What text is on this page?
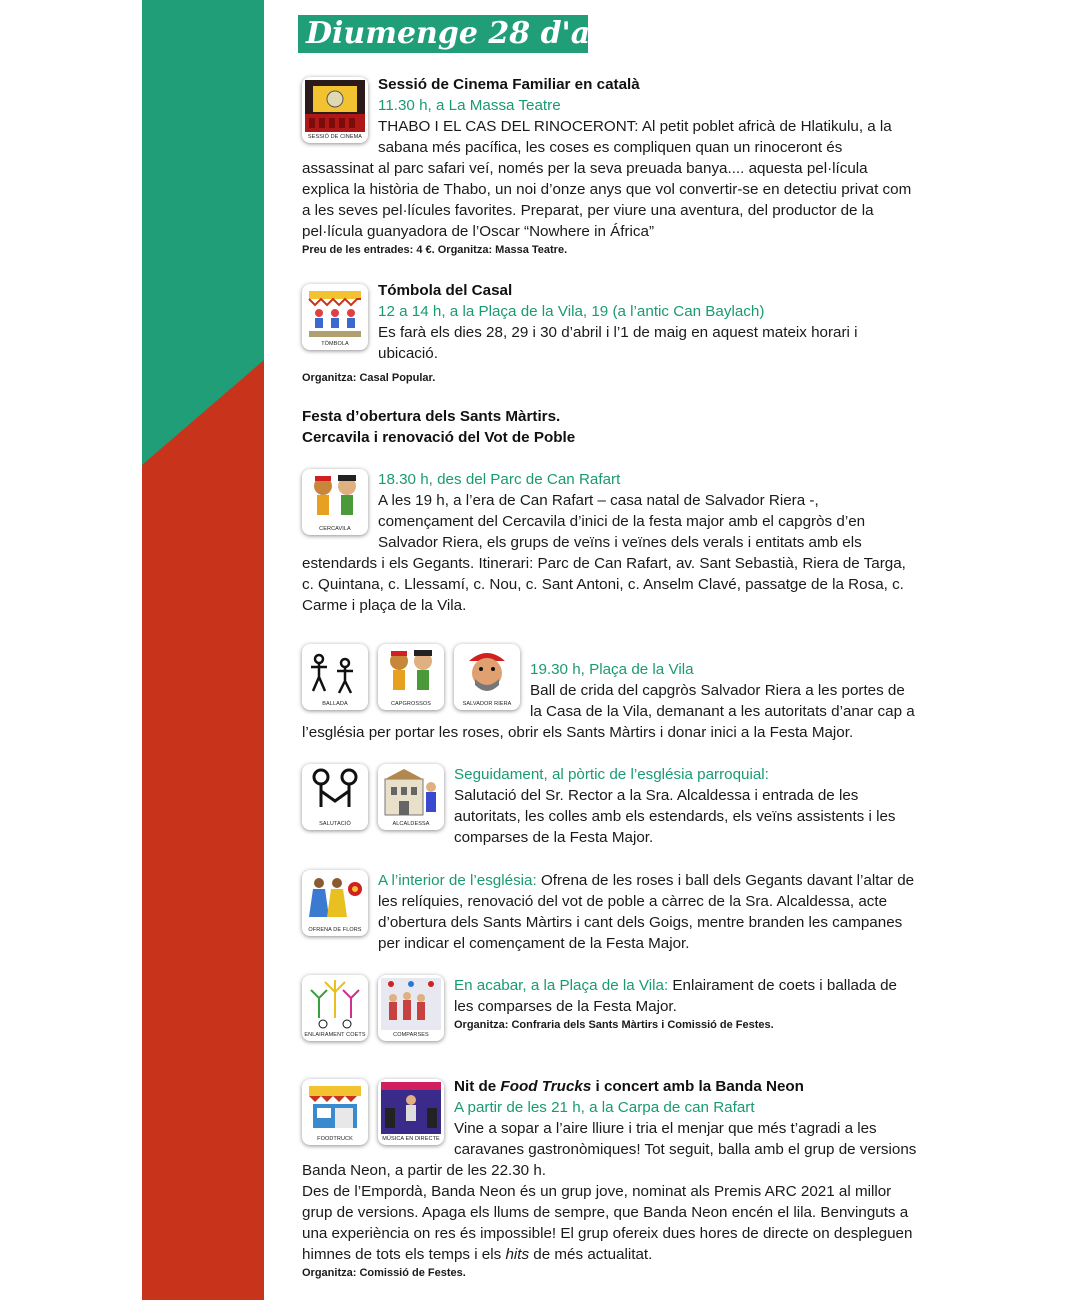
Diumenge 28 d'abril
SESSIÓ DE CINEMA

Sessió de Cinema Familiar en català

11.30 h, a La Massa Teatre

THABO I EL CAS DEL RINOCERONT: Al petit poblet africà de Hlatikulu, a la sabana més pacífica, les coses es compliquen quan un rinoceront és assassinat al parc safari veí, només per la seva preuada banya.... aquesta pel·lícula explica la història de Thabo, un noi d’onze anys que vol convertir-se en detectiu privat com a les seves pel·lícules favorites. Preparat, per viure una aventura, del productor de la pel·lícula guanyadora de l’Oscar “Nowhere in África”

Preu de les entrades: 4 €. Organitza: Massa Teatre.

TÓMBOLA

Tómbola del Casal

12 a 14 h, a la Plaça de la Vila, 19 (a l’antic Can Baylach)

Es farà els dies 28, 29 i 30 d’abril i l’1 de maig en aquest mateix horari i ubicació.

Organitza: Casal Popular.

Festa d’obertura dels Sants Màrtirs.

Cercavila i renovació del Vot de Poble

CERCAVILA

18.30 h, des del Parc de Can Rafart

A les 19 h, a l’era de Can Rafart – casa natal de Salvador Riera -, començament del Cercavila d’inici de la festa major amb el capgròs d’en Salvador Riera, els grups de veïns i veïnes dels verals i entitats amb els estendards i els Gegants. Itinerari: Parc de Can Rafart, av. Sant Sebastià, Riera de Targa, c. Quintana, c. Llessamí, c. Nou, c. Sant Antoni, c. Anselm Clavé, passatge de la Rosa, c. Carme i plaça de la Vila.

BALLADA	CAPGROSSOS	SALVADOR RIERA

19.30 h, Plaça de la Vila

Ball de crida del capgròs Salvador Riera a les portes de la Casa de la Vila, demanant a les autoritats d’anar cap a l’església per portar les roses, obrir els Sants Màrtirs i donar inici a la Festa Major.

SALUTACIÓ	ALCALDESSA

Seguidament, al pòrtic de l’església parroquial:

Salutació del Sr. Rector a la Sra. Alcaldessa i entrada de les autoritats, les colles amb els estendards, els veïns assistents i les comparses de la Festa Major.

OFRENA DE FLORS

A l’interior de l’església: Ofrena de les roses i ball dels Gegants davant l’altar de les relíquies, renovació del vot de poble a càrrec de la Sra. Alcaldessa, acte d’obertura dels Sants Màrtirs i cant dels Goigs, mentre branden les campanes per indicar el començament de la Festa Major.

ENLAIRAMENT COETS	COMPARSES

En acabar, a la Plaça de la Vila: Enlairament de coets i ballada de les comparses de la Festa Major.

Organitza: Confraria dels Sants Màrtirs i Comissió de Festes.

FOODTRUCK	MÚSICA EN DIRECTE

Nit de Food Trucks i concert amb la Banda Neon

A partir de les 21 h, a la Carpa de can Rafart

Vine a sopar a l’aire lliure i tria el menjar que més t’agradi a les caravanes gastronòmiques! Tot seguit, balla amb el grup de versions Banda Neon, a partir de les 22.30 h.

Des de l’Empordà, Banda Neon és un grup jove, nominat als Premis ARC 2021 al millor grup de versions. Apaga els llums de sempre, que Banda Neon encén el lila. Benvinguts a una experiència on res és impossible! El grup ofereix dues hores de directe on despleguen himnes de tots els temps i els hits de més actualitat.

Organitza: Comissió de Festes.
